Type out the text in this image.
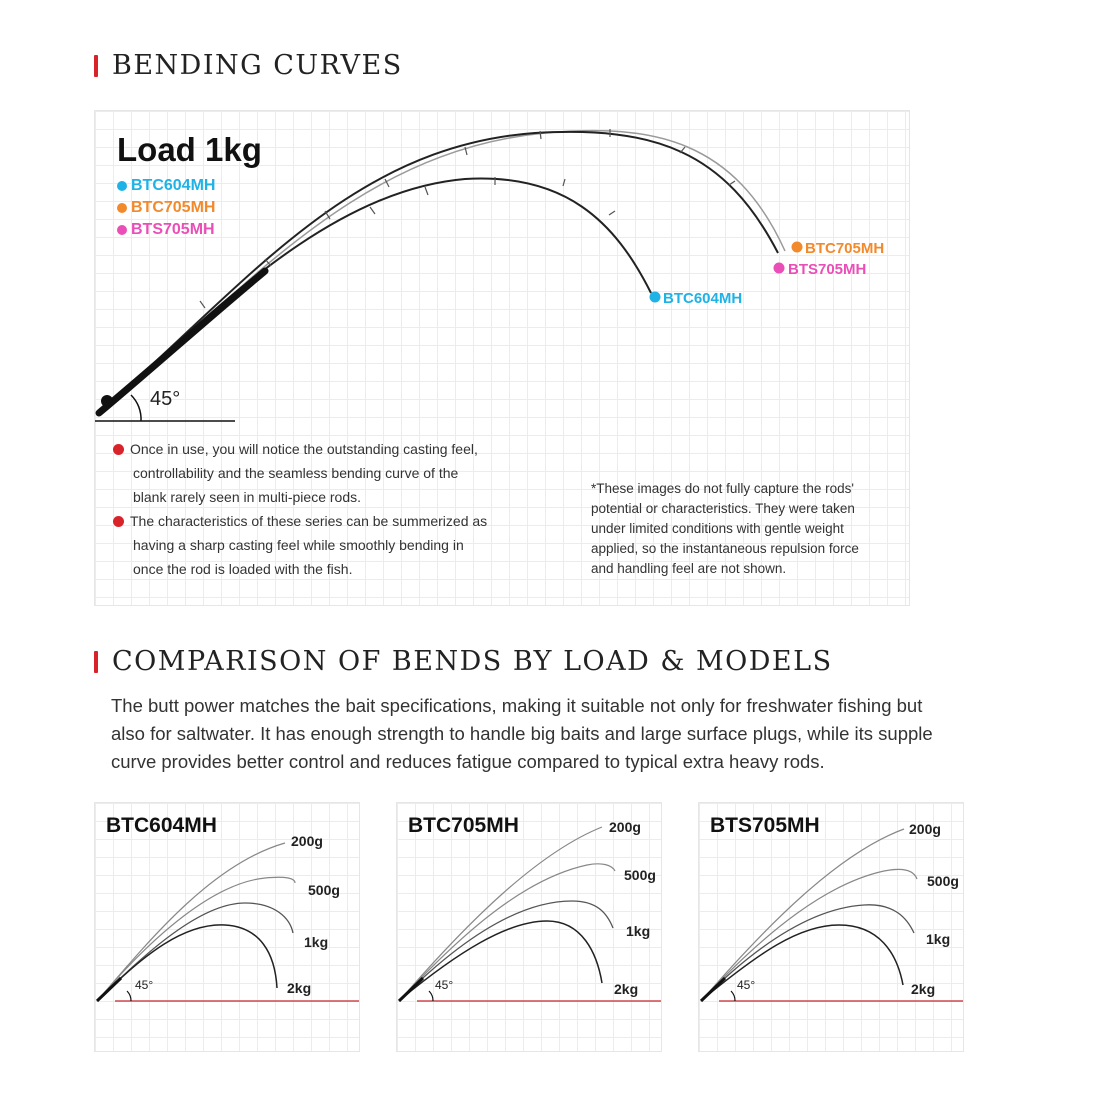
BENDING CURVES
45°
BTC705MH
BTS705MH
BTC604MH
Load 1kg
BTC604MH
BTC705MH
BTS705MH
Once in use, you will notice the outstanding casting feel,
controllability and the seamless bending curve of the
blank rarely seen in multi-piece rods.
The characteristics of these series can be summerized as
having a sharp casting feel while smoothly bending in
once the rod is loaded with the fish.
*These images do not fully capture the rods'
potential or characteristics. They were taken
under limited conditions with gentle weight
applied, so the instantaneous repulsion force
and handling feel are not shown.
COMPARISON OF BENDS BY LOAD & MODELS
The butt power matches the bait specifications, making it suitable not only for freshwater fishing but
also for saltwater. It has enough strength to handle big baits and large surface plugs, while its supple
curve provides better control and reduces fatigue compared to typical extra heavy rods.
BTC604MH
45°
200g
500g
1kg
2kg
BTC705MH
45°
200g
500g
1kg
2kg
BTS705MH
45°
200g
500g
1kg
2kg
